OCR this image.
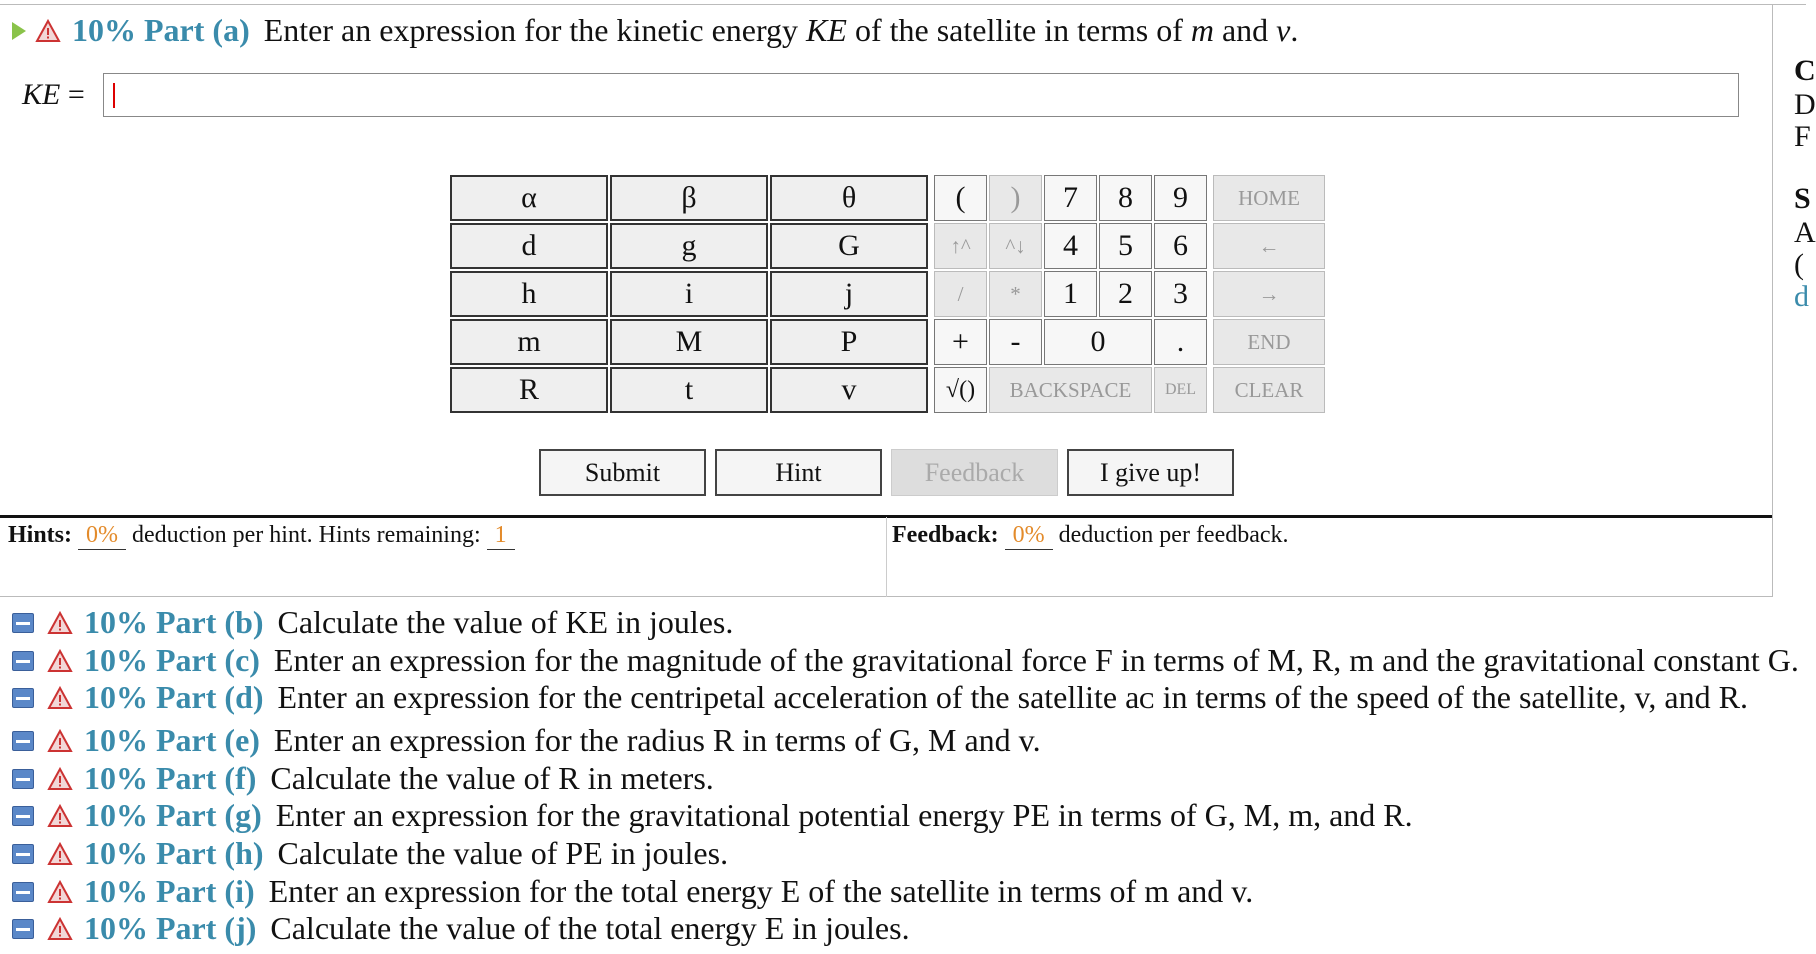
10% Part (a) Enter an expression for the kinetic energy KE of the satellite in terms of m and v.
KE =
C
D
F
S
A
(
d
α	β	θ
d	g	G
h	i	j
m	M	P
R	t	v
(	)	7	8	9	HOME
↑^	^↓	4	5	6	←
/	*	1	2	3	→
+	-	0	.	END
√()	BACKSPACE	DEL	CLEAR
Submit	Hint	Feedback	I give up!
Hints: 0% deduction per hint. Hints remaining: 1	Feedback: 0% deduction per feedback.
10% Part (b) Calculate the value of KE in joules.
10% Part (c) Enter an expression for the magnitude of the gravitational force F in terms of M, R, m and the gravitational constant G.
10% Part (d) Enter an expression for the centripetal acceleration of the satellite aᴄ in terms of the speed of the satellite, v, and R.
10% Part (e) Enter an expression for the radius R in terms of G, M and v.
10% Part (f) Calculate the value of R in meters.
10% Part (g) Enter an expression for the gravitational potential energy PE in terms of G, M, m, and R.
10% Part (h) Calculate the value of PE in joules.
10% Part (i) Enter an expression for the total energy E of the satellite in terms of m and v.
10% Part (j) Calculate the value of the total energy E in joules.
